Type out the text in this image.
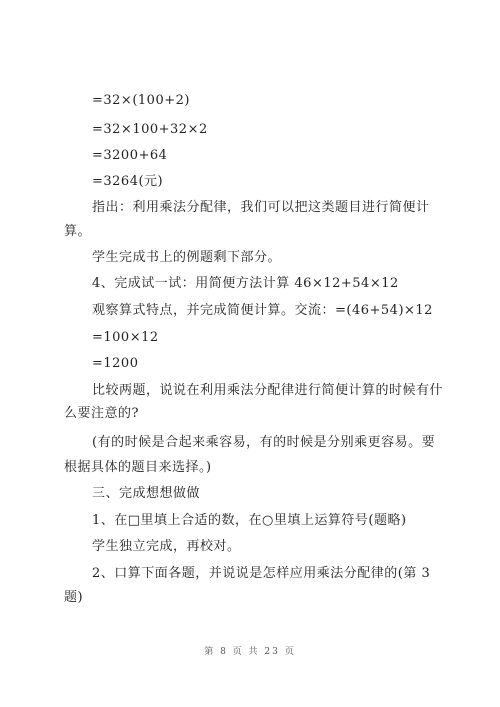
=32×(100+2)
=32×100+32×2
=3200+64
=3264(元)
指出：利用乘法分配律，我们可以把这类题目进行简便计
算。
学生完成书上的例题剩下部分。
4、完成试一试：用简便方法计算 46×12+54×12
观察算式特点，并完成简便计算。交流：=(46+54)×12
=100×12
=1200
比较两题，说说在利用乘法分配律进行简便计算的时候有什
么要注意的?
(有的时候是合起来乘容易，有的时候是分别乘更容易。要
根据具体的题目来选择。)
三、完成想想做做
1、在□里填上合适的数，在○里填上运算符号(题略)
学生独立完成，再校对。
2、口算下面各题，并说说是怎样应用乘法分配律的(第 3
题)
第 8 页 共 23 页
